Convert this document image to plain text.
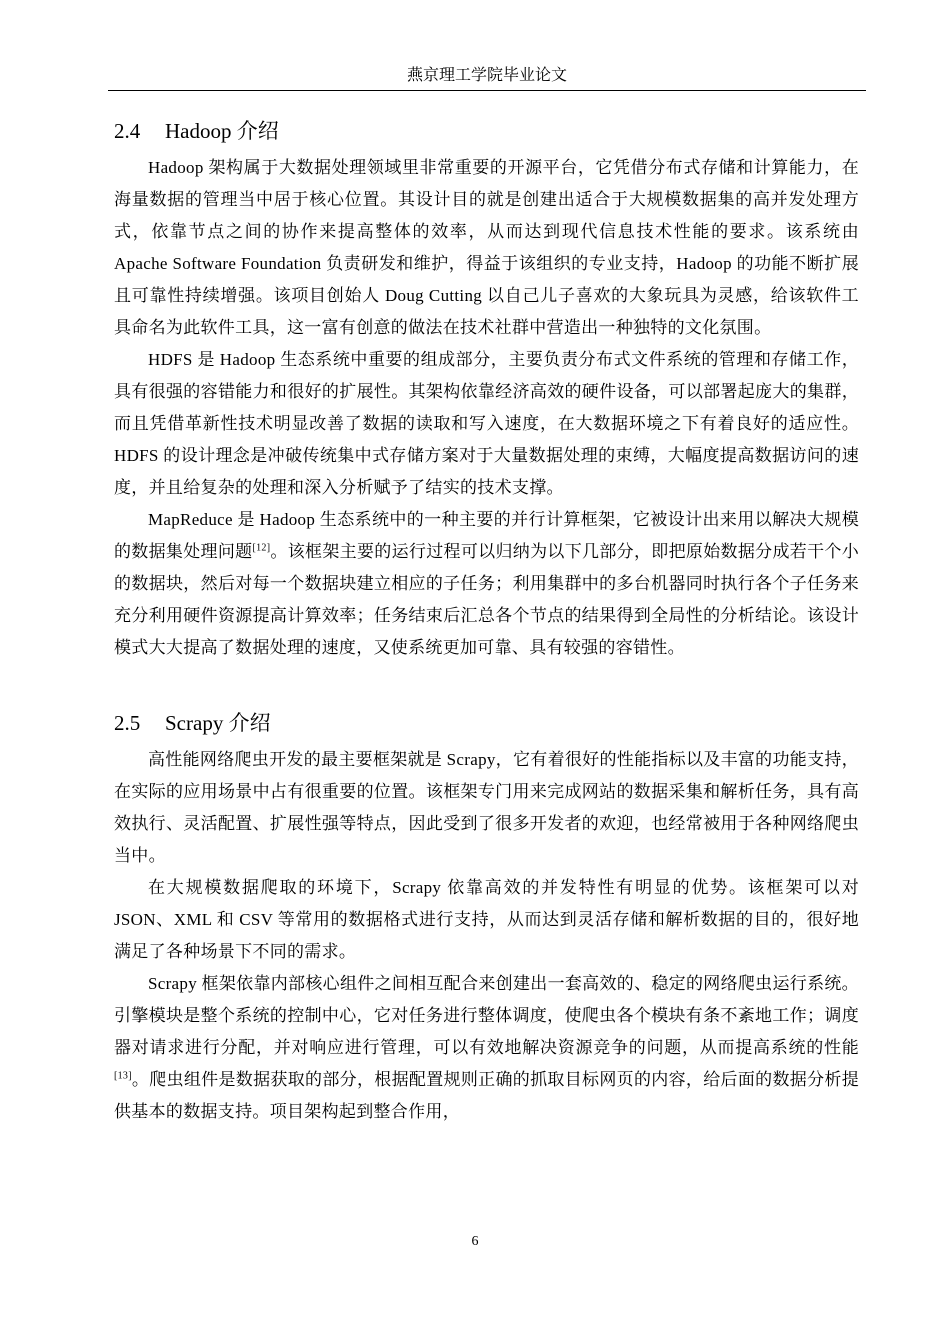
燕京理工学院毕业论文
2.4 Hadoop 介绍

Hadoop 架构属于大数据处理领域里非常重要的开源平台，它凭借分布式存储和计算能力，在海量数据的管理当中居于核心位置。其设计目的就是创建出适合于大规模数据集的高并发处理方式，依靠节点之间的协作来提高整体的效率，从而达到现代信息技术性能的要求。该系统由 Apache Software Foundation 负责研发和维护，得益于该组织的专业支持，Hadoop 的功能不断扩展且可靠性持续增强。该项目创始人 Doug Cutting 以自己儿子喜欢的大象玩具为灵感，给该软件工具命名为此软件工具，这一富有创意的做法在技术社群中营造出一种独特的文化氛围。

HDFS 是 Hadoop 生态系统中重要的组成部分，主要负责分布式文件系统的管理和存储工作，具有很强的容错能力和很好的扩展性。其架构依靠经济高效的硬件设备，可以部署起庞大的集群，而且凭借革新性技术明显改善了数据的读取和写入速度，在大数据环境之下有着良好的适应性。HDFS 的设计理念是冲破传统集中式存储方案对于大量数据处理的束缚，大幅度提高数据访问的速度，并且给复杂的处理和深入分析赋予了结实的技术支撑。

MapReduce 是 Hadoop 生态系统中的一种主要的并行计算框架，它被设计出来用以解决大规模的数据集处理问题[12]。该框架主要的运行过程可以归纳为以下几部分，即把原始数据分成若干个小的数据块，然后对每一个数据块建立相应的子任务；利用集群中的多台机器同时执行各个子任务来充分利用硬件资源提高计算效率；任务结束后汇总各个节点的结果得到全局性的分析结论。该设计模式大大提高了数据处理的速度，又使系统更加可靠、具有较强的容错性。

2.5 Scrapy 介绍

高性能网络爬虫开发的最主要框架就是 Scrapy，它有着很好的性能指标以及丰富的功能支持，在实际的应用场景中占有很重要的位置。该框架专门用来完成网站的数据采集和解析任务，具有高效执行、灵活配置、扩展性强等特点，因此受到了很多开发者的欢迎，也经常被用于各种网络爬虫当中。

在大规模数据爬取的环境下，Scrapy 依靠高效的并发特性有明显的优势。该框架可以对 JSON、XML 和 CSV 等常用的数据格式进行支持，从而达到灵活存储和解析数据的目的，很好地满足了各种场景下不同的需求。

Scrapy 框架依靠内部核心组件之间相互配合来创建出一套高效的、稳定的网络爬虫运行系统。引擎模块是整个系统的控制中心，它对任务进行整体调度，使爬虫各个模块有条不紊地工作；调度器对请求进行分配，并对响应进行管理，可以有效地解决资源竞争的问题，从而提高系统的性能[13]。爬虫组件是数据获取的部分，根据配置规则正确的抓取目标网页的内容，给后面的数据分析提供基本的数据支持。项目架构起到整合作用，

6
